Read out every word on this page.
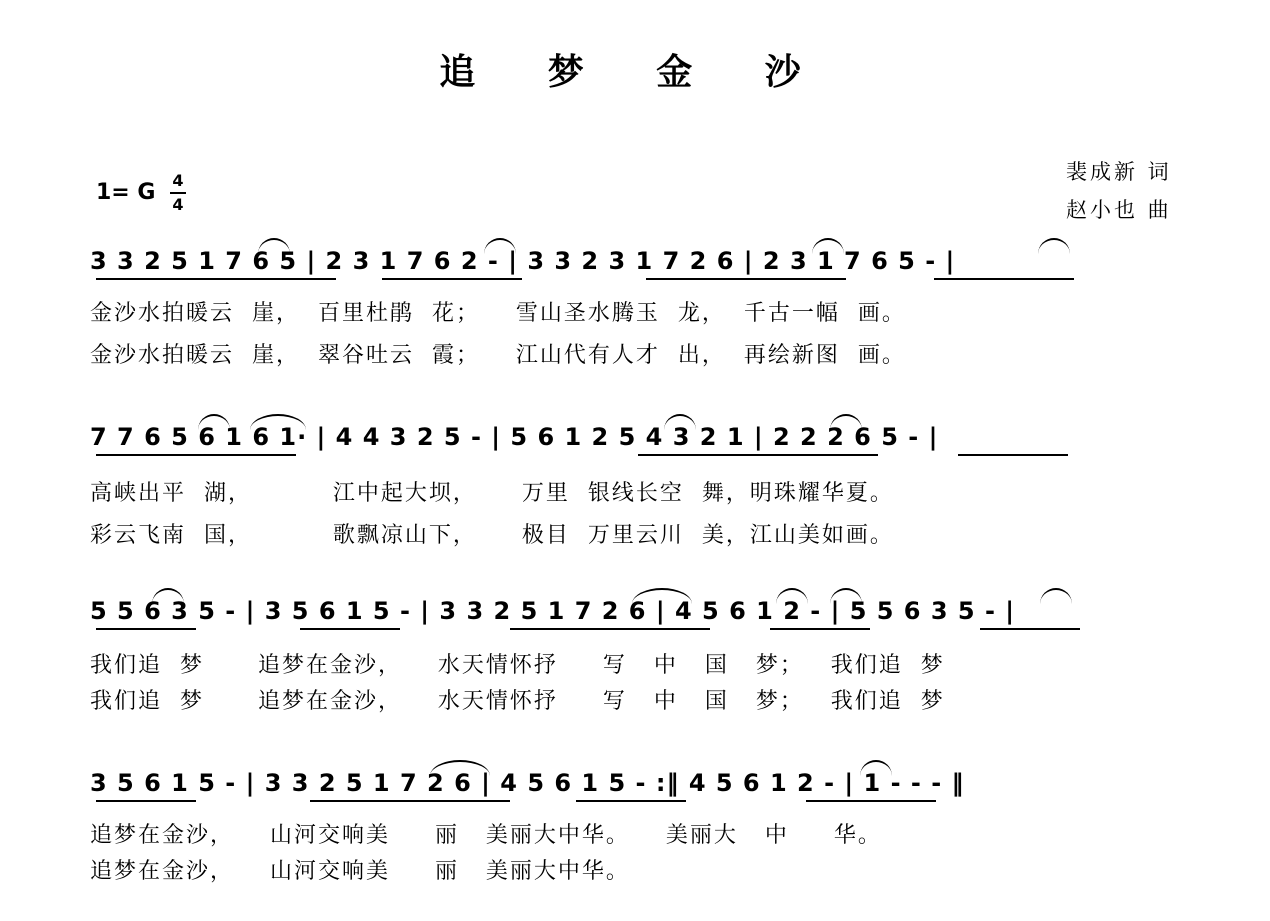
追 梦 金 沙
裴成新 词
赵小也 曲
1= G 4
4
3 3 2 5 1 7 6 5 | 2 3 1 7 6 2 - | 3 3 2 3 1 7 2 6 | 2 3 1 7 6 5 - |
金沙水拍暖云  崖，  百里杜鹃  花；    雪山圣水腾玉  龙，  千古一幅  画。
金沙水拍暖云  崖，  翠谷吐云  霞；    江山代有人才  出，  再绘新图  画。
7 7 6 5 6 1 6 1· | 4 4 3 2 5 - | 5 6 1 2 5 4 3 2 1 | 2 2 2 6 5 - |
高峡出平  湖，         江中起大坝，     万里  银线长空  舞，明珠耀华夏。
彩云飞南  国，         歌飘凉山下，     极目  万里云川  美，江山美如画。
5 5 6 3 5 - | 3 5 6 1 5 - | 3 3 2 5 1 7 2 6 | 4 5 6 1 2 - | 5 5 6 3 5 - |
我们追  梦      追梦在金沙，    水天情怀抒     写   中   国   梦；   我们追  梦
我们追  梦      追梦在金沙，    水天情怀抒     写   中   国   梦；   我们追  梦
3 5 6 1 5 - | 3 3 2 5 1 7 2 6 | 4 5 6 1 5 - :‖ 4 5 6 1 2 - | 1 - - - ‖
追梦在金沙，    山河交响美     丽   美丽大中华。    美丽大   中     华。
追梦在金沙，    山河交响美     丽   美丽大中华。
